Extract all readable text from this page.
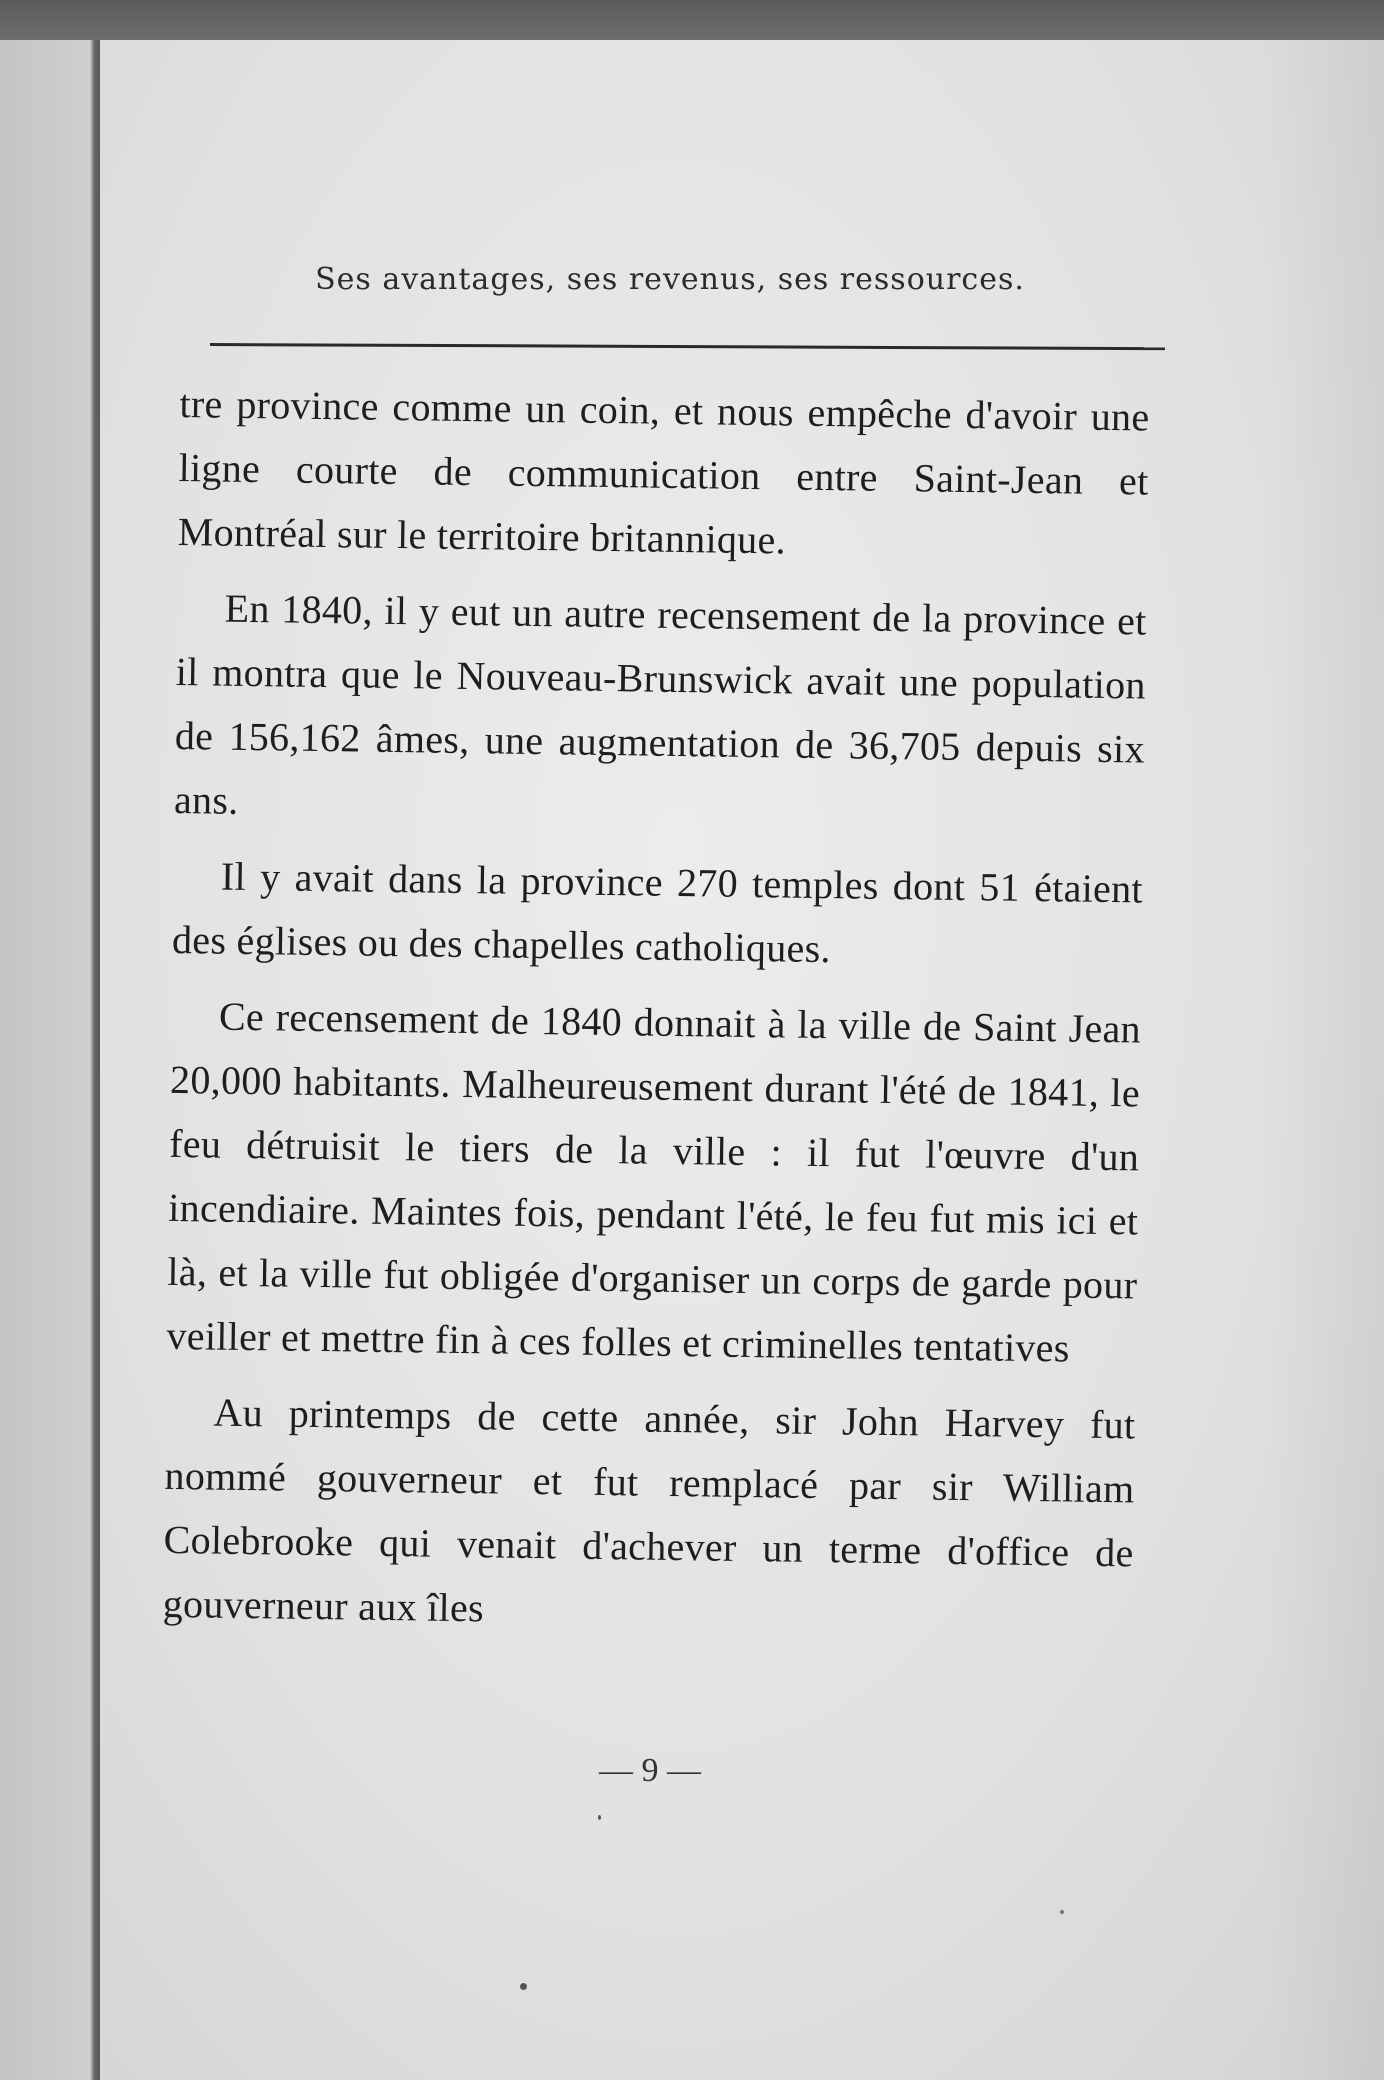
Ses avantages, ses revenus, ses ressources.

tre province comme un coin, et nous empêche d'avoir une ligne courte de communication entre Saint-Jean et Montréal sur le territoire britannique.

En 1840, il y eut un autre recensement de la province et il montra que le Nouveau-Brunswick avait une population de 156,162 âmes, une augmentation de 36,705 depuis six ans.

Il y avait dans la province 270 temples dont 51 étaient des églises ou des chapelles catholiques.

Ce recensement de 1840 donnait à la ville de Saint Jean 20,000 habitants. Malheureusement durant l'été de 1841, le feu détruisit le tiers de la ville : il fut l'œuvre d'un incendiaire. Maintes fois, pendant l'été, le feu fut mis ici et là, et la ville fut obligée d'organiser un corps de garde pour veiller et mettre fin à ces folles et criminelles tentatives

Au printemps de cette année, sir John Harvey fut nommé gouverneur et fut remplacé par sir William Colebrooke qui venait d'achever un terme d'office de gouverneur aux îles

— 9 —
